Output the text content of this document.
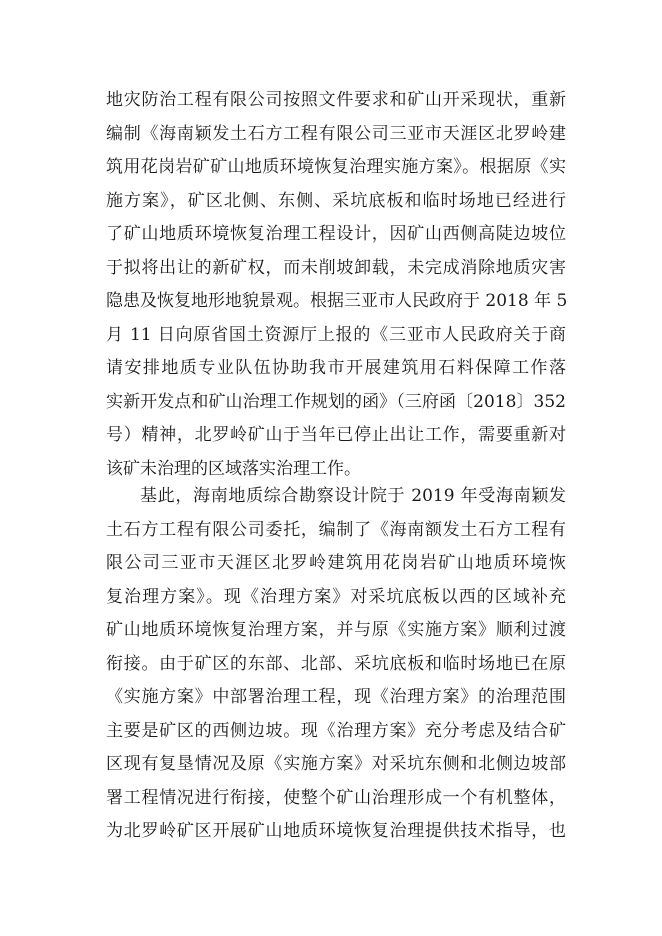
地灾防治工程有限公司按照文件要求和矿山开采现状，重新
编制《海南颖发土石方工程有限公司三亚市天涯区北罗岭建
筑用花岗岩矿矿山地质环境恢复治理实施方案》。根据原《实
施方案》，矿区北侧、东侧、采坑底板和临时场地已经进行
了矿山地质环境恢复治理工程设计，因矿山西侧高陡边坡位
于拟将出让的新矿权，而未削坡卸载，未完成消除地质灾害
隐患及恢复地形地貌景观。根据三亚市人民政府于 2018 年 5
月 11 日向原省国土资源厅上报的《三亚市人民政府关于商
请安排地质专业队伍协助我市开展建筑用石料保障工作落
实新开发点和矿山治理工作规划的函》（三府函〔2018〕352
号）精神，北罗岭矿山于当年已停止出让工作，需要重新对
该矿未治理的区域落实治理工作。
基此，海南地质综合勘察设计院于 2019 年受海南颖发
土石方工程有限公司委托，编制了《海南额发土石方工程有
限公司三亚市天涯区北罗岭建筑用花岗岩矿山地质环境恢
复治理方案》。现《治理方案》对采坑底板以西的区域补充
矿山地质环境恢复治理方案，并与原《实施方案》顺利过渡
衔接。由于矿区的东部、北部、采坑底板和临时场地已在原
《实施方案》中部署治理工程，现《治理方案》的治理范围
主要是矿区的西侧边坡。现《治理方案》充分考虑及结合矿
区现有复垦情况及原《实施方案》对采坑东侧和北侧边坡部
署工程情况进行衔接，使整个矿山治理形成一个有机整体，
为北罗岭矿区开展矿山地质环境恢复治理提供技术指导，也
